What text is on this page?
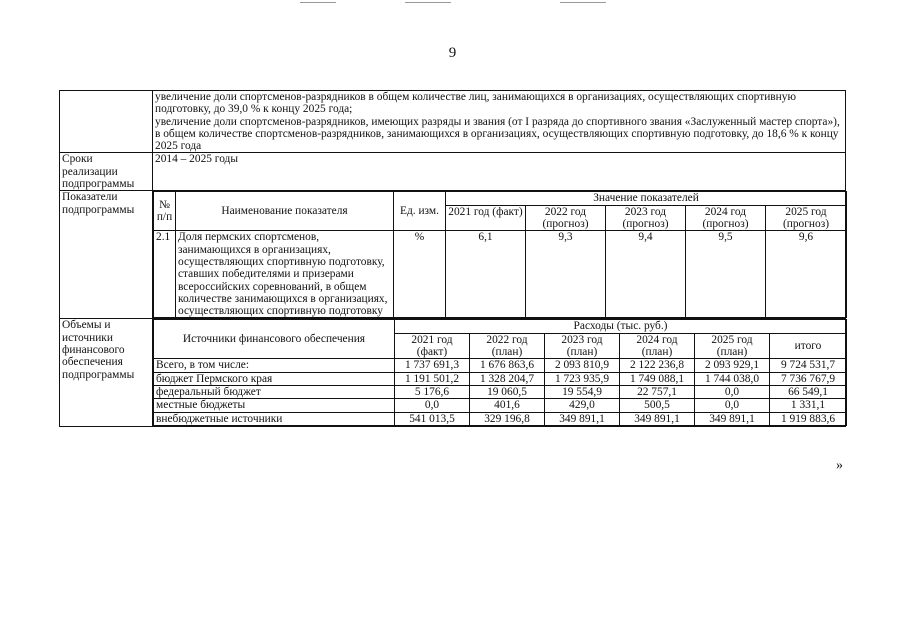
9

увеличение доли спортсменов-разрядников в общем количестве лиц, занимающихся в организациях, осуществляющих спортивную подготовку, до 39,0 % к концу 2025 года;
увеличение доли спортсменов-разрядников, имеющих разряды и звания (от I разряда до спортивного звания «Заслуженный мастер спорта»), в общем количестве спортсменов-разрядников, занимающихся в организациях, осуществляющих спортивную подготовку, до 18,6 % к концу 2025 года

Сроки реализации подпрограммы	2014 – 2025 годы
Показатели подпрограммы	№ п/п	Наименование показателя	Ед. изм.	Значение показателей
2021 год (факт)	2022 год (прогноз)	2023 год (прогноз)	2024 год (прогноз)	2025 год (прогноз)
2.1	Доля пермских спортсменов, занимающихся в организациях, осуществляющих спортивную подготовку, ставших победителями и призерами всероссийских соревнований, в общем количестве занимающихся в организациях, осуществляющих спортивную подготовку	%	6,1	9,3	9,4	9,5	9,6

Объемы и источники финансового обеспечения подпрограммы	
Источники финансового обеспечения	Расходы (тыс. руб.)
2021 год (факт)	2022 год (план)	2023 год (план)	2024 год (план)	2025 год (план)	итого
Всего, в том числе:	1 737 691,3	1 676 863,6	2 093 810,9	2 122 236,8	2 093 929,1	9 724 531,7
бюджет Пермского края	1 191 501,2	1 328 204,7	1 723 935,9	1 749 088,1	1 744 038,0	7 736 767,9
федеральный бюджет	5 176,6	19 060,5	19 554,9	22 757,1	0,0	66 549,1
местные бюджеты	0,0	401,6	429,0	500,5	0,0	1 331,1
внебюджетные источники	541 013,5	329 196,8	349 891,1	349 891,1	349 891,1	1 919 883,6
»
